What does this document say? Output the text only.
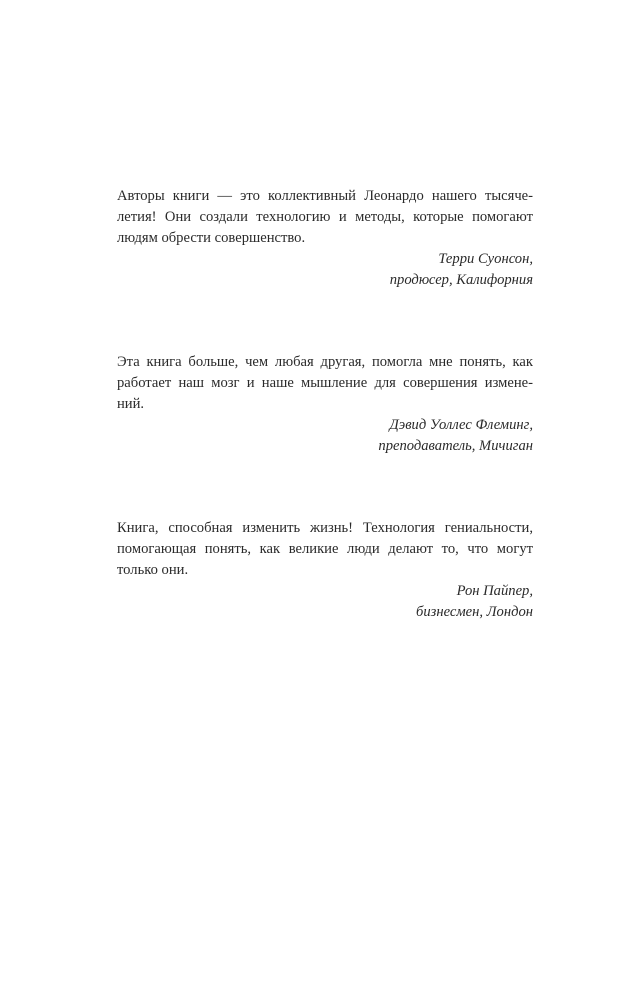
Авторы книги — это коллективный Леонардо нашего тысяче-
летия! Они создали технологию и методы, которые помогают
людям обрести совершенство.

Терри Суонсон,
продюсер, Калифорния

Эта книга больше, чем любая другая, помогла мне понять, как
работает наш мозг и наше мышление для совершения измене-
ний.

Дэвид Уоллес Флеминг,
преподаватель, Мичиган

Книга, способная изменить жизнь! Технология гениальности,
помогающая понять, как великие люди делают то, что могут
только они.

Рон Пайпер,
бизнесмен, Лондон
